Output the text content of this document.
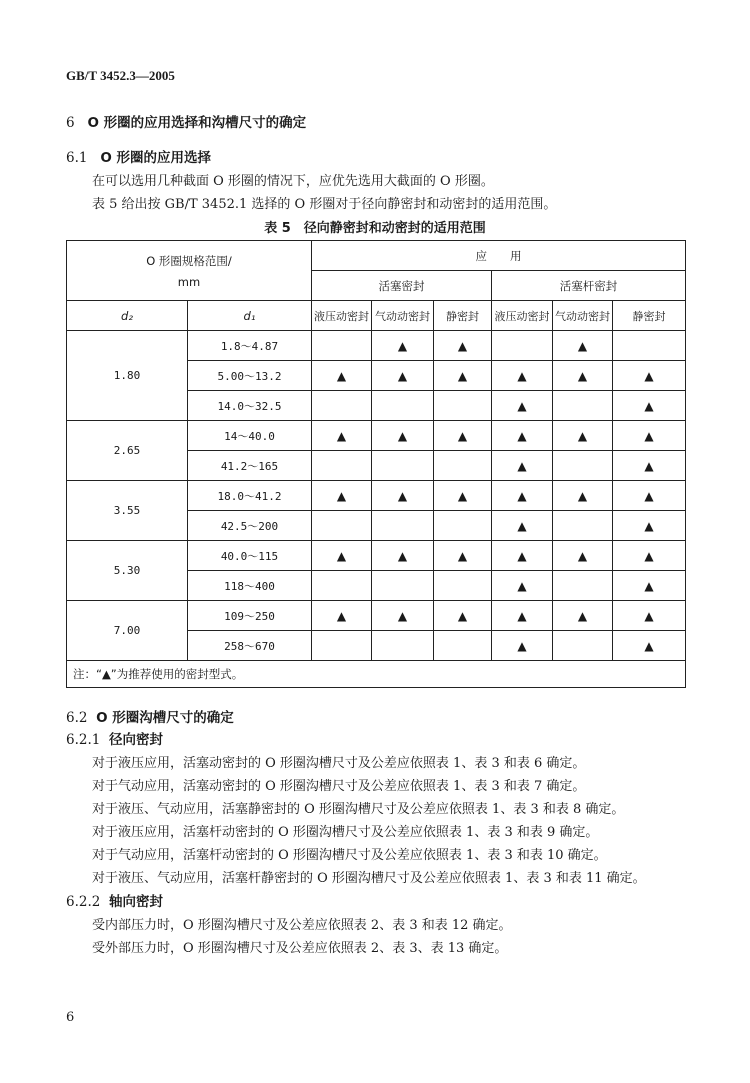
GB/T 3452.3—2005
6 O 形圈的应用选择和沟槽尺寸的确定
6.1 O 形圈的应用选择
在可以选用几种截面 O 形圈的情况下，应优先选用大截面的 O 形圈。
表 5 给出按 GB/T 3452.1 选择的 O 形圈对于径向静密封和动密封的适用范围。
表 5　径向静密封和动密封的适用范围
O 形圈规格范围/
mm		应　　用					
		活塞密封			活塞杆密封		
d₂	d₁	液压动密封	气动动密封	静密封	液压动密封	气动动密封	静密封
1.80	1.8～4.87		▲	▲		▲	
	5.00～13.2	▲	▲	▲	▲	▲	▲
	14.0～32.5				▲		▲
2.65	14～40.0	▲	▲	▲	▲	▲	▲
	41.2～165				▲		▲
3.55	18.0～41.2	▲	▲	▲	▲	▲	▲
	42.5～200				▲		▲
5.30	40.0～115	▲	▲	▲	▲	▲	▲
	118～400				▲		▲
7.00	109～250	▲	▲	▲	▲	▲	▲
	258～670				▲		▲
注：“▲”为推荐使用的密封型式。							
6.2 O 形圈沟槽尺寸的确定
6.2.1 径向密封
对于液压应用，活塞动密封的 O 形圈沟槽尺寸及公差应依照表 1、表 3 和表 6 确定。
对于气动应用，活塞动密封的 O 形圈沟槽尺寸及公差应依照表 1、表 3 和表 7 确定。
对于液压、气动应用，活塞静密封的 O 形圈沟槽尺寸及公差应依照表 1、表 3 和表 8 确定。
对于液压应用，活塞杆动密封的 O 形圈沟槽尺寸及公差应依照表 1、表 3 和表 9 确定。
对于气动应用，活塞杆动密封的 O 形圈沟槽尺寸及公差应依照表 1、表 3 和表 10 确定。
对于液压、气动应用，活塞杆静密封的 O 形圈沟槽尺寸及公差应依照表 1、表 3 和表 11 确定。
6.2.2 轴向密封
受内部压力时，O 形圈沟槽尺寸及公差应依照表 2、表 3 和表 12 确定。
受外部压力时，O 形圈沟槽尺寸及公差应依照表 2、表 3、表 13 确定。
6
